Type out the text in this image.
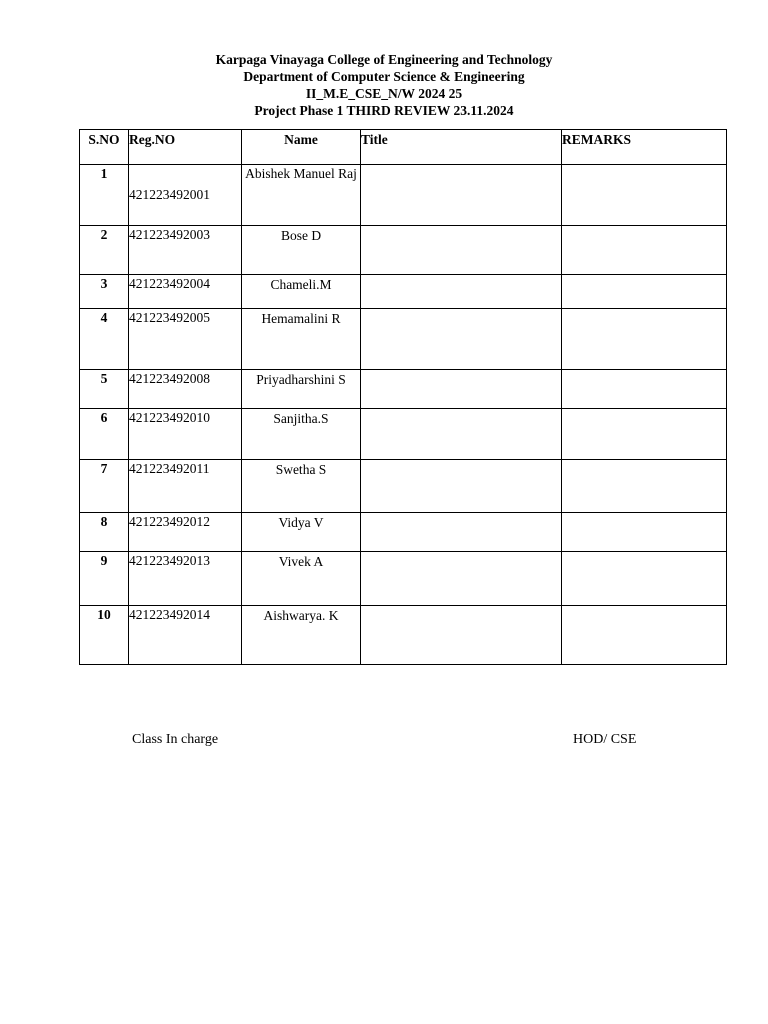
Karpaga Vinayaga College of Engineering and Technology
Department of Computer Science & Engineering
II_M.E_CSE_N/W 2024 25
Project Phase 1 THIRD REVIEW 23.11.2024
S.NO	Reg.NO	Name	Title	REMARKS
1	421223492001	Abishek Manuel Raj		
2	421223492003	Bose D		
3	421223492004	Chameli.M		
4	421223492005	Hemamalini R		
5	421223492008	Priyadharshini S		
6	421223492010	Sanjitha.S		
7	421223492011	Swetha S		
8	421223492012	Vidya V		
9	421223492013	Vivek A		
10	421223492014	Aishwarya. K		
Class In charge	HOD/ CSE
